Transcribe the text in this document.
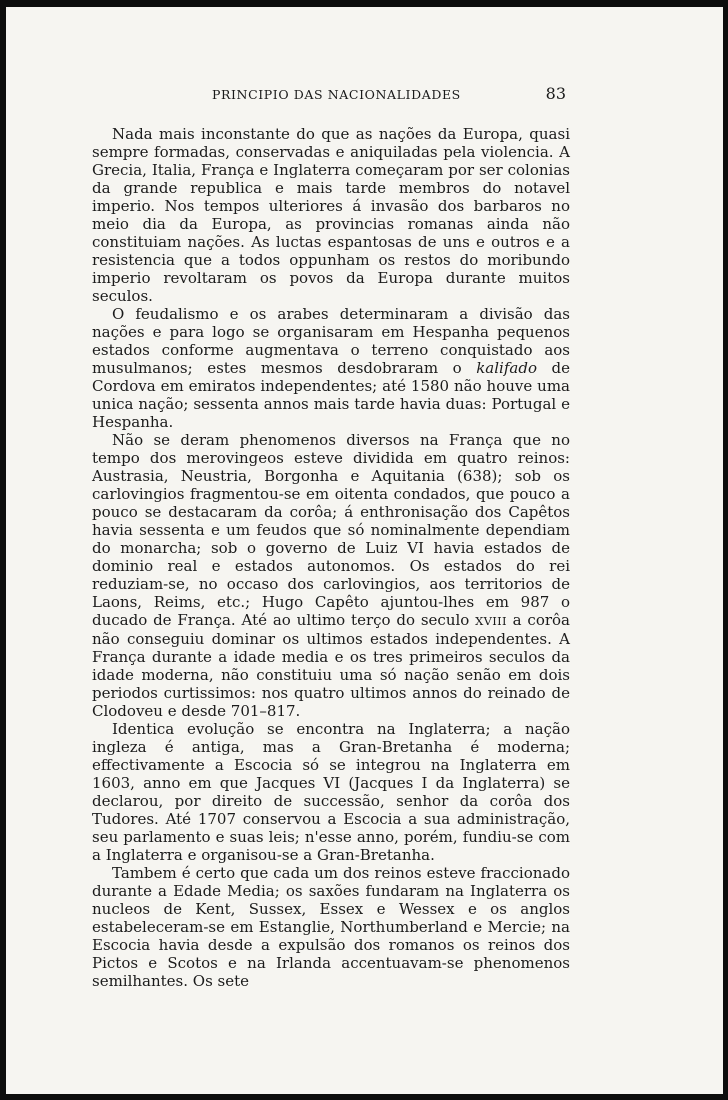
PRINCIPIO DAS NACIONALIDADES	83

Nada mais inconstante do que as nações da Europa, quasi sempre formadas, conservadas e aniquiladas pela violencia. A Grecia, Italia, França e Inglaterra começaram por ser colonias da grande republica e mais tarde membros do notavel imperio. Nos tempos ulteriores á invasão dos barbaros no meio dia da Europa, as provincias romanas ainda não constituiam nações. As luctas espantosas de uns e outros e a resistencia que a todos oppunham os restos do moribundo imperio revoltaram os povos da Europa durante muitos seculos.

O feudalismo e os arabes determinaram a divisão das nações e para logo se organisaram em Hespanha pequenos estados conforme augmentava o terreno conquistado aos musulmanos; estes mesmos desdobraram o kalifado de Cordova em emiratos independentes; até 1580 não houve uma unica nação; sessenta annos mais tarde havia duas: Portugal e Hespanha.

Não se deram phenomenos diversos na França que no tempo dos merovingeos esteve dividida em quatro reinos: Austrasia, Neustria, Borgonha e Aquitania (638); sob os carlovingios fragmentou-se em oitenta condados, que pouco a pouco se destacaram da corôa; á enthronisação dos Capêtos havia sessenta e um feudos que só nominalmente dependiam do monarcha; sob o governo de Luiz VI havia estados de dominio real e estados autonomos. Os estados do rei reduziam-se, no occaso dos carlovingios, aos territorios de Laons, Reims, etc.; Hugo Capêto ajuntou-lhes em 987 o ducado de França. Até ao ultimo terço do seculo XVIII a corôa não conseguiu dominar os ultimos estados independentes. A França durante a idade media e os tres primeiros seculos da idade moderna, não constituiu uma só nação senão em dois periodos curtissimos: nos quatro ultimos annos do reinado de Clodoveu e desde 701–817.

Identica evolução se encontra na Inglaterra; a nação ingleza é antiga, mas a Gran-Bretanha é moderna; effectivamente a Escocia só se integrou na Inglaterra em 1603, anno em que Jacques VI (Jacques I da Inglaterra) se declarou, por direito de successão, senhor da corôa dos Tudores. Até 1707 conservou a Escocia a sua administração, seu parlamento e suas leis; n'esse anno, porém, fundiu-se com a Inglaterra e organisou-se a Gran-Bretanha.

Tambem é certo que cada um dos reinos esteve fraccionado durante a Edade Media; os saxões fundaram na Inglaterra os nucleos de Kent, Sussex, Essex e Wessex e os anglos estabeleceram-se em Estanglie, Northumberland e Mercie; na Escocia havia desde a expulsão dos romanos os reinos dos Pictos e Scotos e na Irlanda accentuavam-se phenomenos semilhantes. Os sete
